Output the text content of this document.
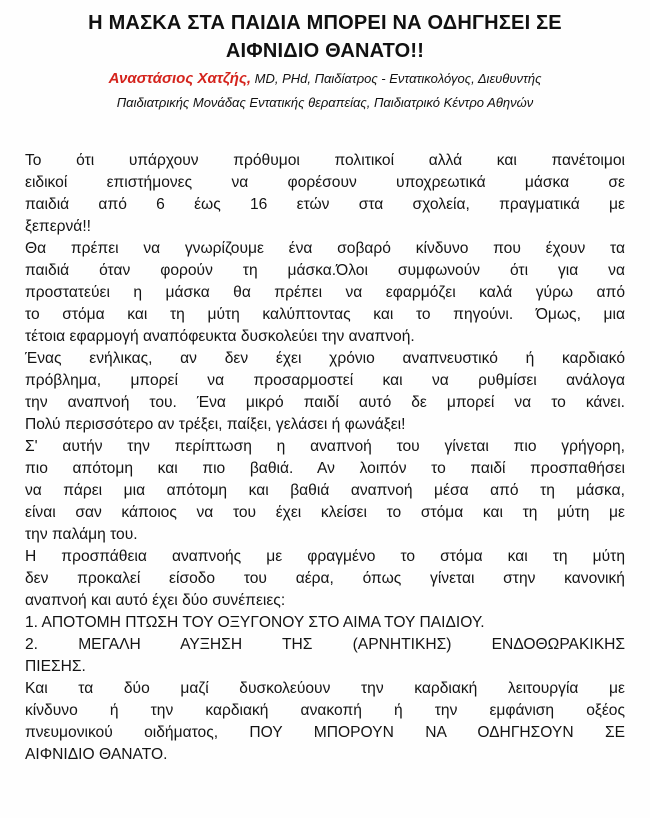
Η ΜΑΣΚΑ ΣΤΑ ΠΑΙΔΙΑ ΜΠΟΡΕΙ ΝΑ ΟΔΗΓΗΣΕΙ ΣΕ
ΑΙΦΝΙΔΙΟ ΘΑΝΑΤΟ!!
Αναστάσιος Χατζής, MD, PHd, Παιδίατρος - Εντατικολόγος, Διευθυντής
Παιδιατρικής Μονάδας Εντατικής θεραπείας, Παιδιατρικό Κέντρο Αθηνών
Το ότι υπάρχουν πρόθυμοι πολιτικοί αλλά και πανέτοιμοι
ειδικοί επιστήμονες να φορέσουν υποχρεωτικά μάσκα σε
παιδιά από 6 έως 16 ετών στα σχολεία, πραγματικά με
ξεπερνά!!
Θα πρέπει να γνωρίζουμε ένα σοβαρό κίνδυνο που έχουν τα
παιδιά όταν φορούν τη μάσκα.Όλοι συμφωνούν ότι για να
προστατεύει η μάσκα θα πρέπει να εφαρμόζει καλά γύρω από
το στόμα και τη μύτη καλύπτοντας και το πηγούνι. Όμως, μια
τέτοια εφαρμογή αναπόφευκτα δυσκολεύει την αναπνοή.
Ένας ενήλικας, αν δεν έχει χρόνιο αναπνευστικό ή καρδιακό
πρόβλημα, μπορεί να προσαρμοστεί και να ρυθμίσει ανάλογα
την αναπνοή του. Ένα μικρό παιδί αυτό δε μπορεί να το κάνει.
Πολύ περισσότερο αν τρέξει, παίξει, γελάσει ή φωνάξει!
Σ' αυτήν την περίπτωση η αναπνοή του γίνεται πιο γρήγορη,
πιο απότομη και πιο βαθιά. Αν λοιπόν το παιδί προσπαθήσει
να πάρει μια απότομη και βαθιά αναπνοή μέσα από τη μάσκα,
είναι σαν κάποιος να του έχει κλείσει το στόμα και τη μύτη με
την παλάμη του.
Η προσπάθεια αναπνοής με φραγμένο το στόμα και τη μύτη
δεν προκαλεί είσοδο του αέρα, όπως γίνεται στην κανονική
αναπνοή και αυτό έχει δύο συνέπειες:
1. ΑΠΟΤΟΜΗ ΠΤΩΣΗ ΤΟΥ ΟΞΥΓΟΝΟΥ ΣΤΟ ΑΙΜΑ ΤΟΥ ΠΑΙΔΙΟΥ.
2. ΜΕΓΑΛΗ ΑΥΞΗΣΗ ΤΗΣ (ΑΡΝΗΤΙΚΗΣ) ΕΝΔΟΘΩΡΑΚΙΚΗΣ
ΠΙΕΣΗΣ.
Και τα δύο μαζί δυσκολεύουν την καρδιακή λειτουργία με
κίνδυνο ή την καρδιακή ανακοπή ή την εμφάνιση οξέος
πνευμονικού οιδήματος, ΠΟΥ ΜΠΟΡΟΥΝ ΝΑ ΟΔΗΓΗΣΟΥΝ ΣΕ
ΑΙΦΝΙΔΙΟ ΘΑΝΑΤΟ.
